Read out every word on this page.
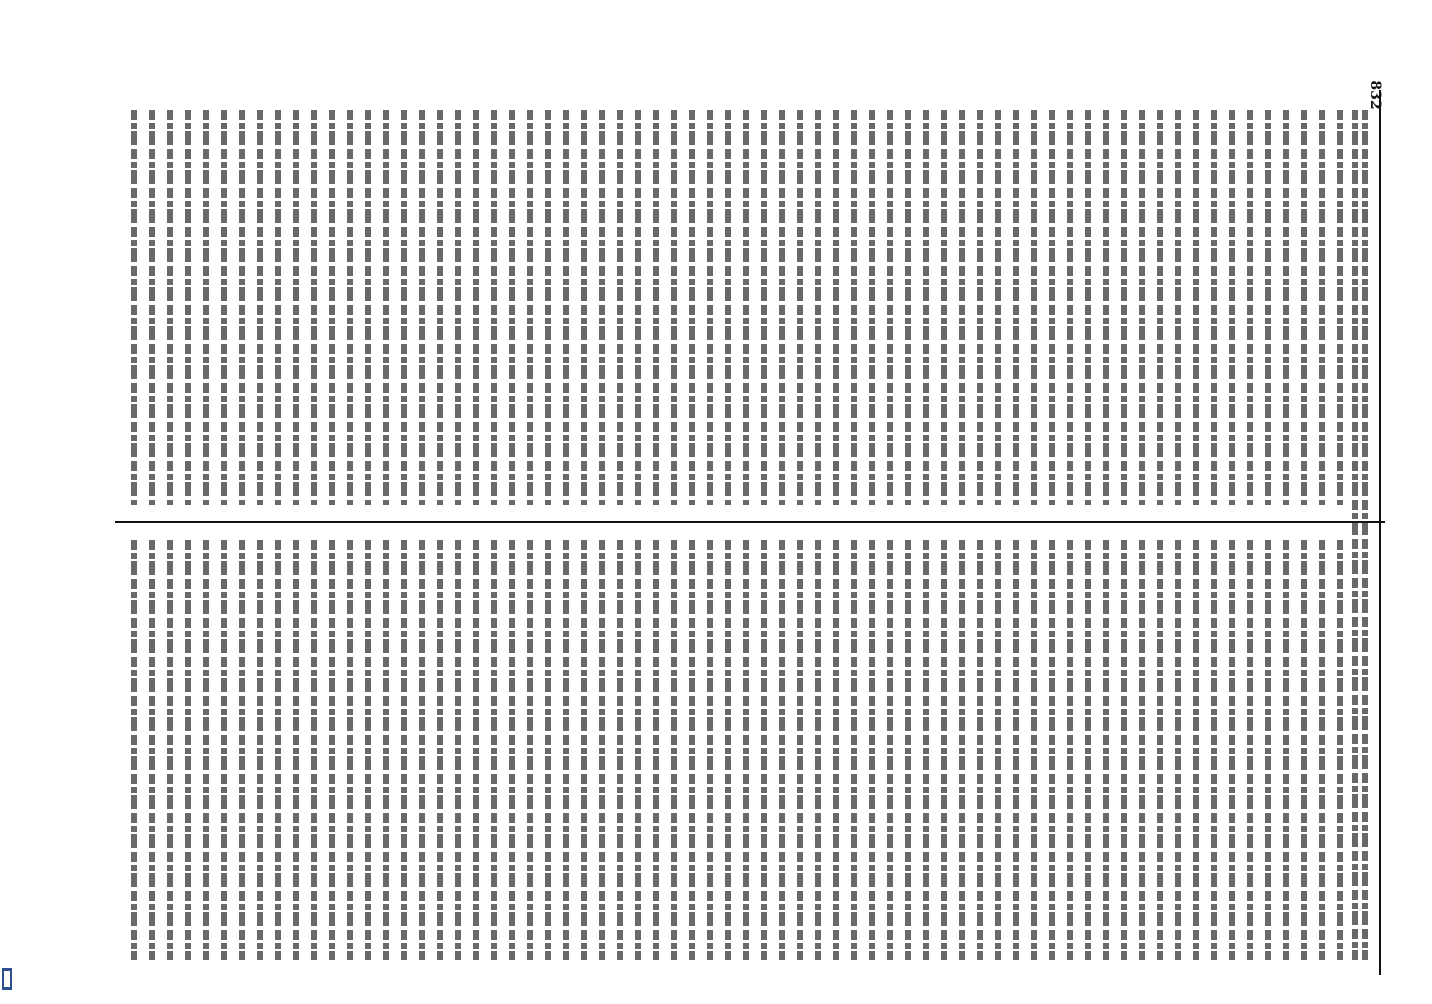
832
